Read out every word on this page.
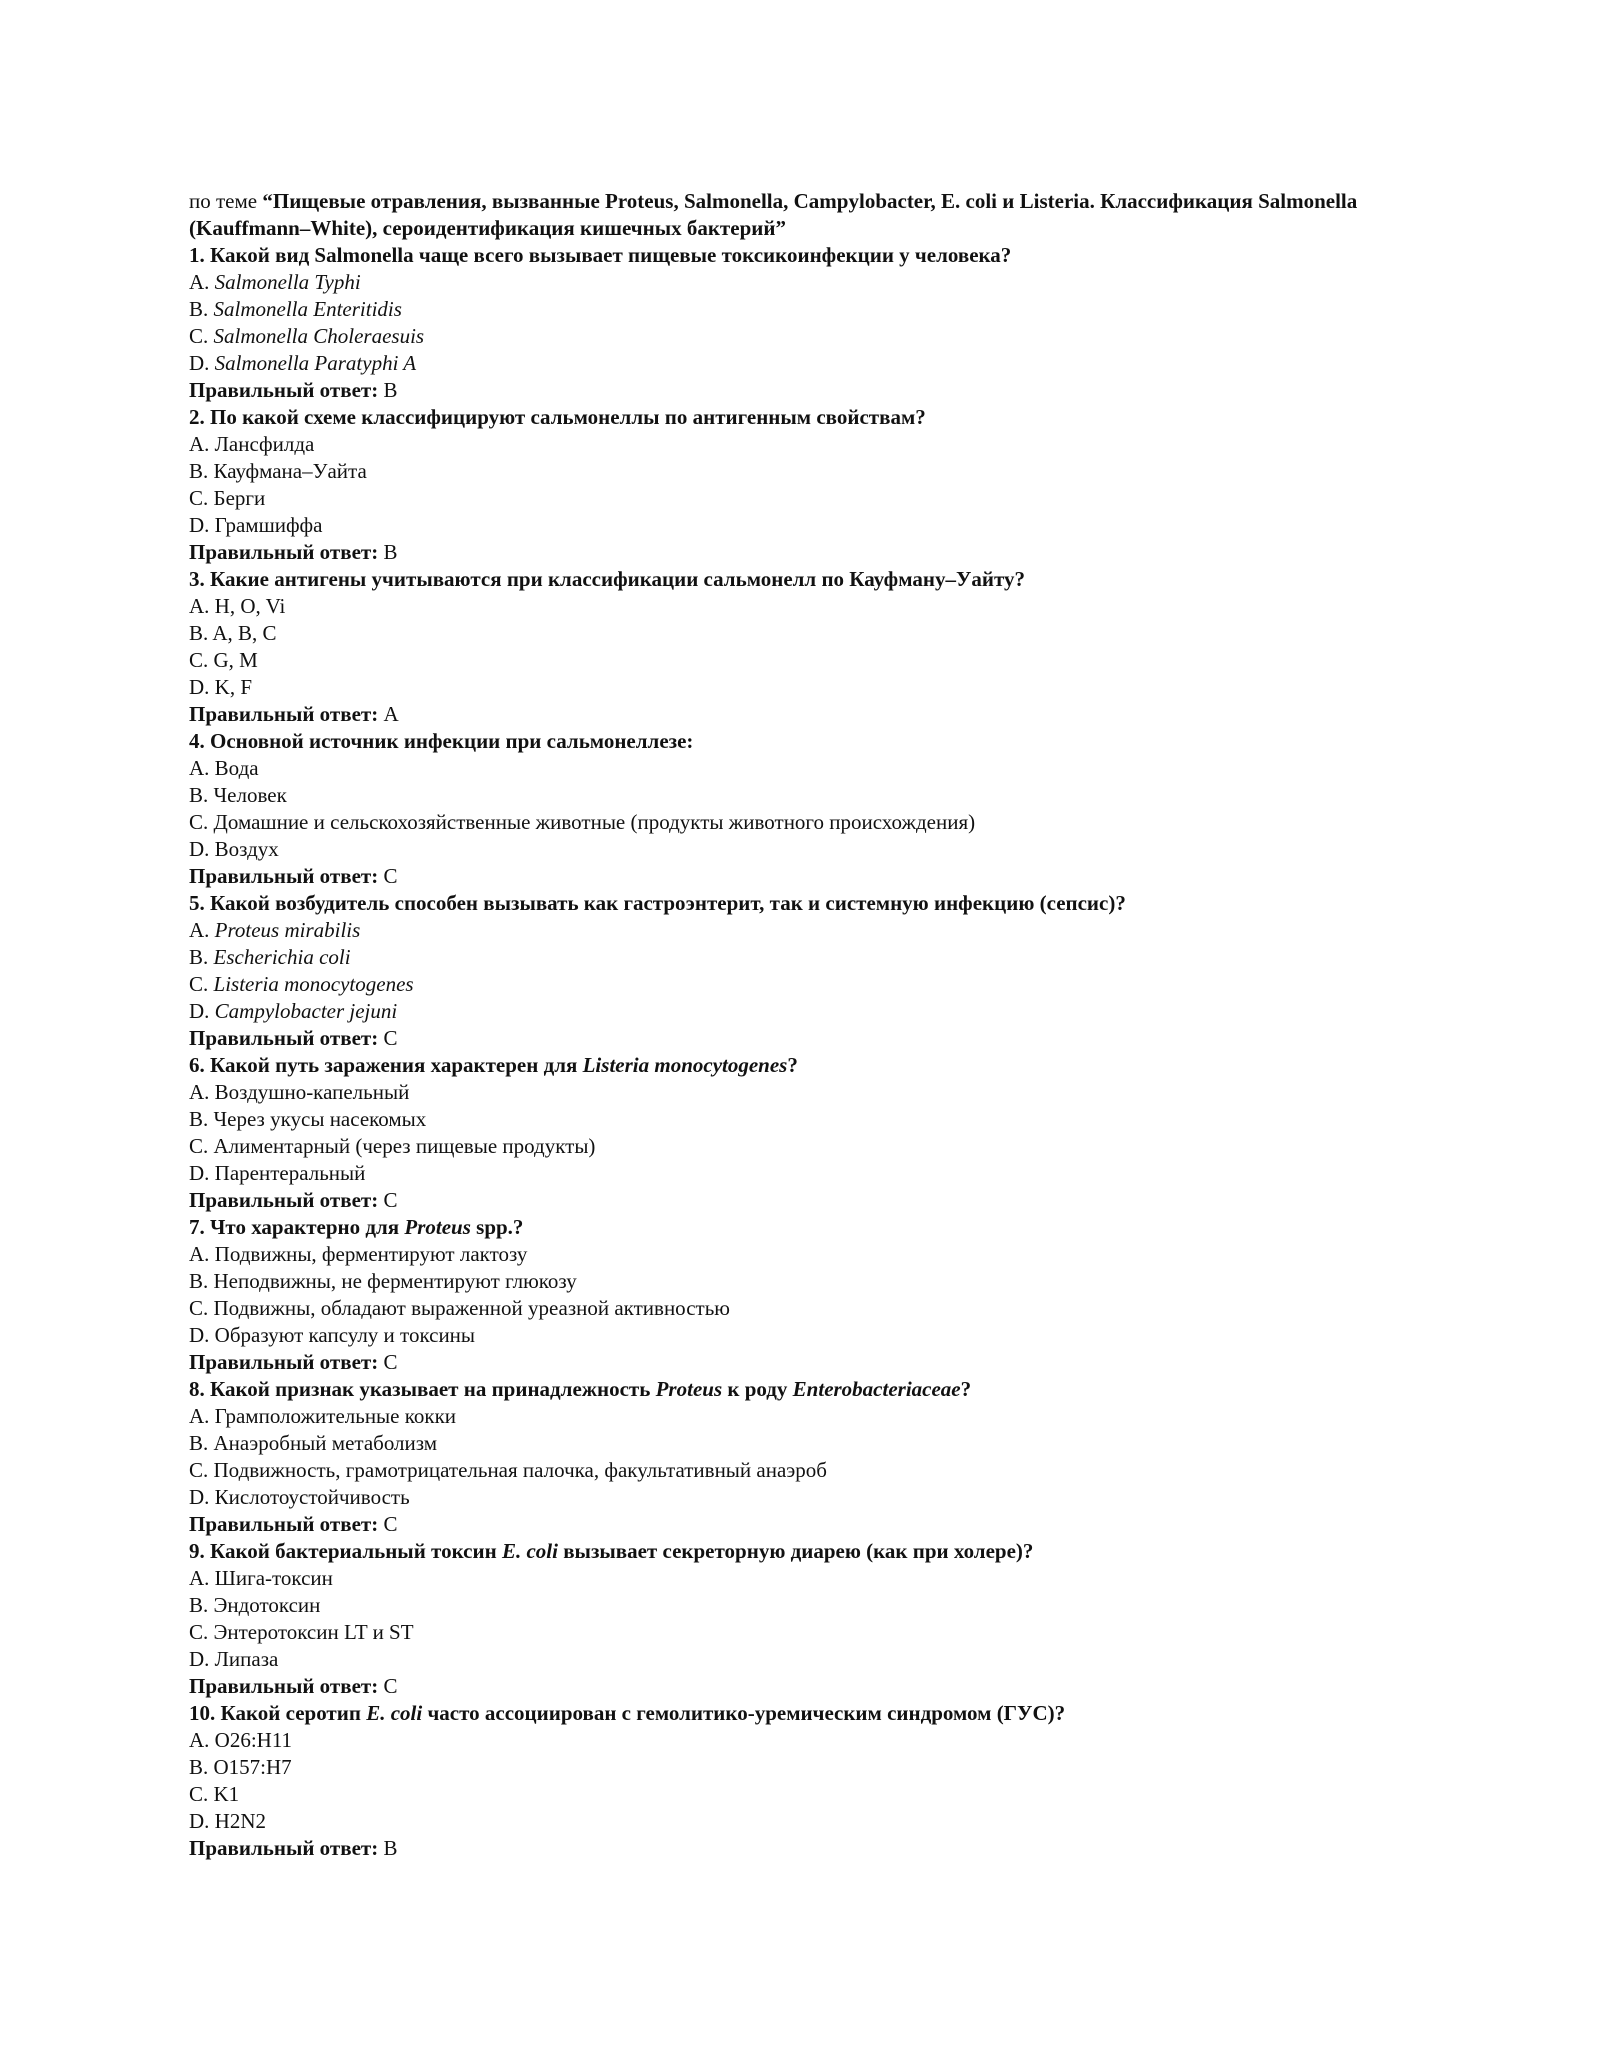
по теме “Пищевые отравления, вызванные Proteus, Salmonella, Campylobacter, E. coli и Listeria. Классификация Salmonella (Kauffmann–White), сероидентификация кишечных бактерий”

1. Какой вид Salmonella чаще всего вызывает пищевые токсикоинфекции у человека?

A. Salmonella Typhi

B. Salmonella Enteritidis

C. Salmonella Choleraesuis

D. Salmonella Paratyphi A

Правильный ответ: B

2. По какой схеме классифицируют сальмонеллы по антигенным свойствам?

A. Лансфилда

B. Кауфмана–Уайта

C. Берги

D. Грамшиффа

Правильный ответ: B

3. Какие антигены учитываются при классификации сальмонелл по Кауфману–Уайту?

A. H, O, Vi

B. A, B, C

C. G, M

D. K, F

Правильный ответ: A

4. Основной источник инфекции при сальмонеллезе:

A. Вода

B. Человек

C. Домашние и сельскохозяйственные животные (продукты животного происхождения)

D. Воздух

Правильный ответ: C

5. Какой возбудитель способен вызывать как гастроэнтерит, так и системную инфекцию (сепсис)?

A. Proteus mirabilis

B. Escherichia coli

C. Listeria monocytogenes

D. Campylobacter jejuni

Правильный ответ: C

6. Какой путь заражения характерен для Listeria monocytogenes?

A. Воздушно-капельный

B. Через укусы насекомых

C. Алиментарный (через пищевые продукты)

D. Парентеральный

Правильный ответ: C

7. Что характерно для Proteus spp.?

A. Подвижны, ферментируют лактозу

B. Неподвижны, не ферментируют глюкозу

C. Подвижны, обладают выраженной уреазной активностью

D. Образуют капсулу и токсины

Правильный ответ: C

8. Какой признак указывает на принадлежность Proteus к роду Enterobacteriaceae?

A. Грамположительные кокки

B. Анаэробный метаболизм

C. Подвижность, грамотрицательная палочка, факультативный анаэроб

D. Кислотоустойчивость

Правильный ответ: C

9. Какой бактериальный токсин E. coli вызывает секреторную диарею (как при холере)?

A. Шига-токсин

B. Эндотоксин

C. Энтеротоксин LT и ST

D. Липаза

Правильный ответ: C

10. Какой серотип E. coli часто ассоциирован с гемолитико-уремическим синдромом (ГУС)?

A. O26:H11

B. O157:H7

C. K1

D. H2N2

Правильный ответ: B
